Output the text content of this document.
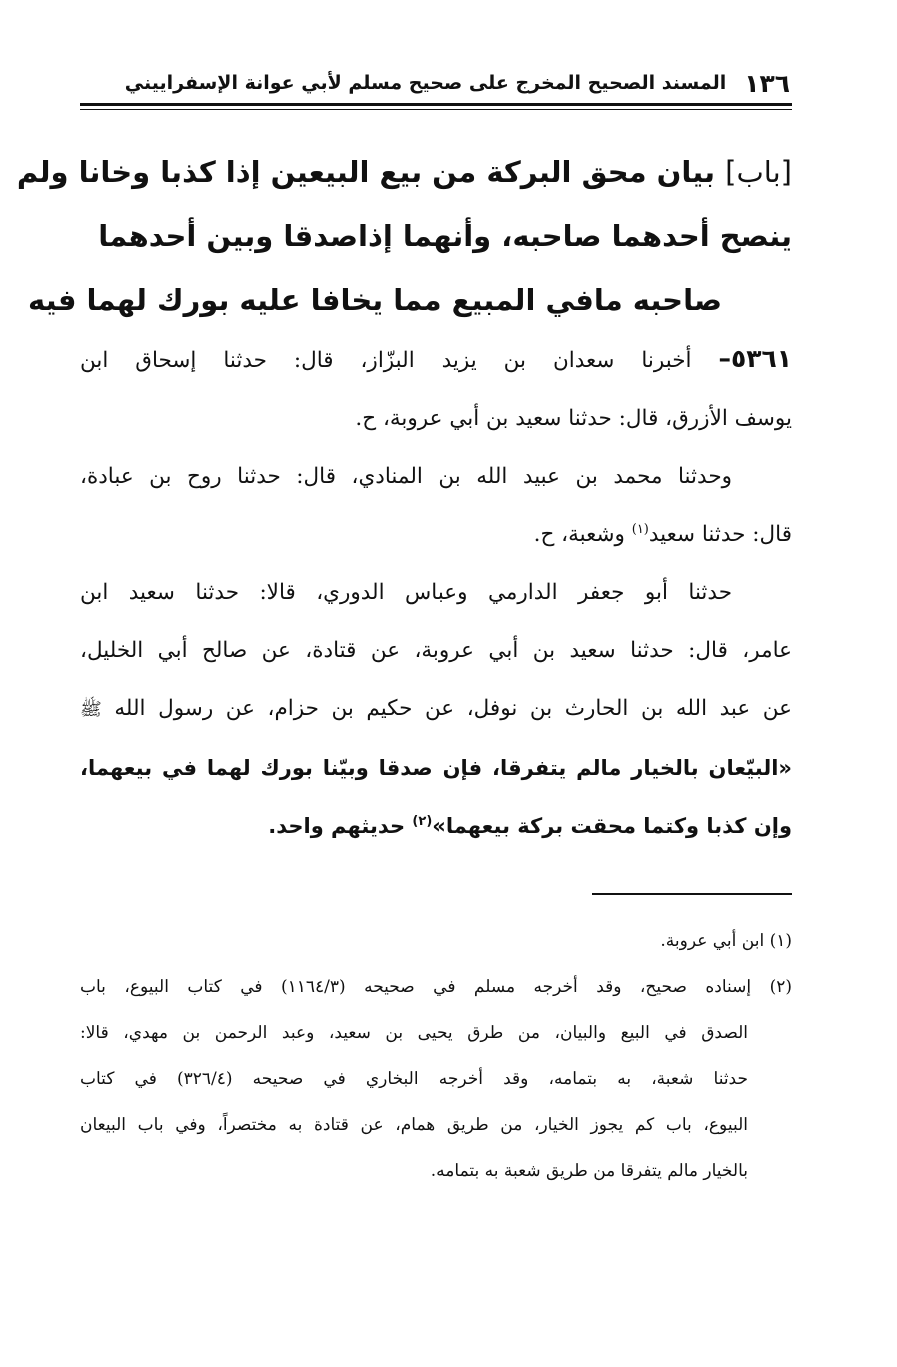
١٣٦
المسند الصحيح المخرج على صحيح مسلم لأبي عوانة الإسفراييني
[باب] بيان محق البركة من بيع البيعين إذا كذبا وخانا ولم
ينصح أحدهما صاحبه، وأنهما إذاصدقا وبين أحدهما
صاحبه مافي المبيع مما يخافا عليه بورك لهما فيه
٥٣٦١– أخبرنا سعدان بن يزيد البزّاز، قال: حدثنا إسحاق ابن
يوسف الأزرق، قال: حدثنا سعيد بن أبي عروبة، ح.
وحدثنا محمد بن عبيد الله بن المنادي، قال: حدثنا روح بن عبادة،
قال: حدثنا سعيد$^{(١)}$ وشعبة، ح.
حدثنا أبو جعفر الدارمي وعباس الدوري، قالا: حدثنا سعيد ابن
عامر، قال: حدثنا سعيد بن أبي عروبة، عن قتادة، عن صالح أبي الخليل،
عن عبد الله بن الحارث بن نوفل، عن حكيم بن حزام، عن رسول الله ﷺ
«البيّعان بالخيار مالم يتفرقا، فإن صدقا وبيّنا بورك لهما في بيعهما،
وإن كذبا وكتما محقت بركة بيعهما»$^{(٢)}$ حديثهم واحد.
(١) ابن أبي عروبة.
(٢) إسناده صحيح، وقد أخرجه مسلم في صحيحه (١١٦٤/٣) في كتاب البيوع، باب
الصدق في البيع والبيان، من طرق يحيى بن سعيد، وعبد الرحمن بن مهدي، قالا:
حدثنا شعبة، به بتمامه، وقد أخرجه البخاري في صحيحه (٣٢٦/٤) في كتاب
البيوع، باب كم يجوز الخيار، من طريق همام، عن قتادة به مختصراً، وفي باب البيعان
بالخيار مالم يتفرقا من طريق شعبة به بتمامه.
